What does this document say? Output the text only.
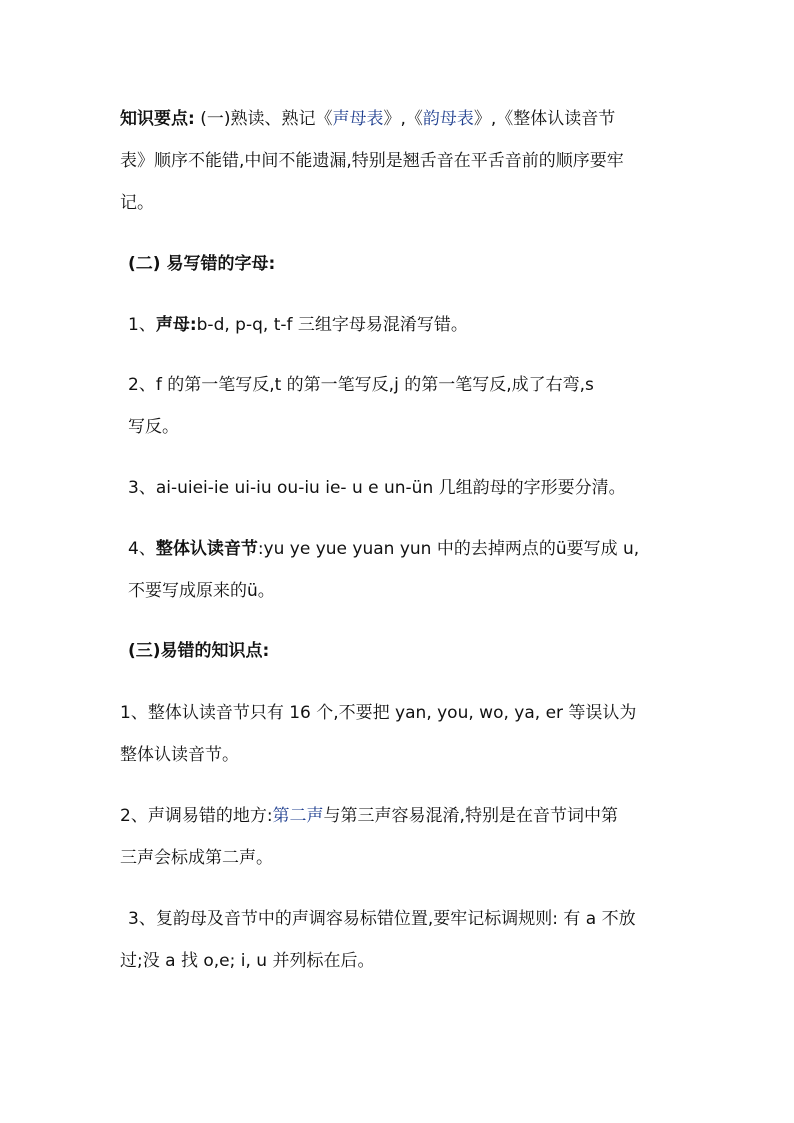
知识要点: (一)熟读、熟记《声母表》,《韵母表》,《整体认读音节
表》顺序不能错,中间不能遗漏,特别是翘舌音在平舌音前的顺序要牢
记。

(二) 易写错的字母:

1、声母:b-d, p-q, t-f 三组字母易混淆写错。

2、f 的第一笔写反,t 的第一笔写反,j 的第一笔写反,成了右弯,s
写反。

3、ai-uiei-ie ui-iu ou-iu ie- u e un-ün 几组韵母的字形要分清。

4、整体认读音节:yu ye yue yuan yun 中的去掉两点的ü要写成 u,
不要写成原来的ü。

(三)易错的知识点:

1、整体认读音节只有 16 个,不要把 yan, you, wo, ya, er 等误认为
整体认读音节。

2、声调易错的地方:第二声与第三声容易混淆,特别是在音节词中第
三声会标成第二声。

3、复韵母及音节中的声调容易标错位置,要牢记标调规则: 有 a 不放
过;没 a 找 o,e; i, u 并列标在后。
